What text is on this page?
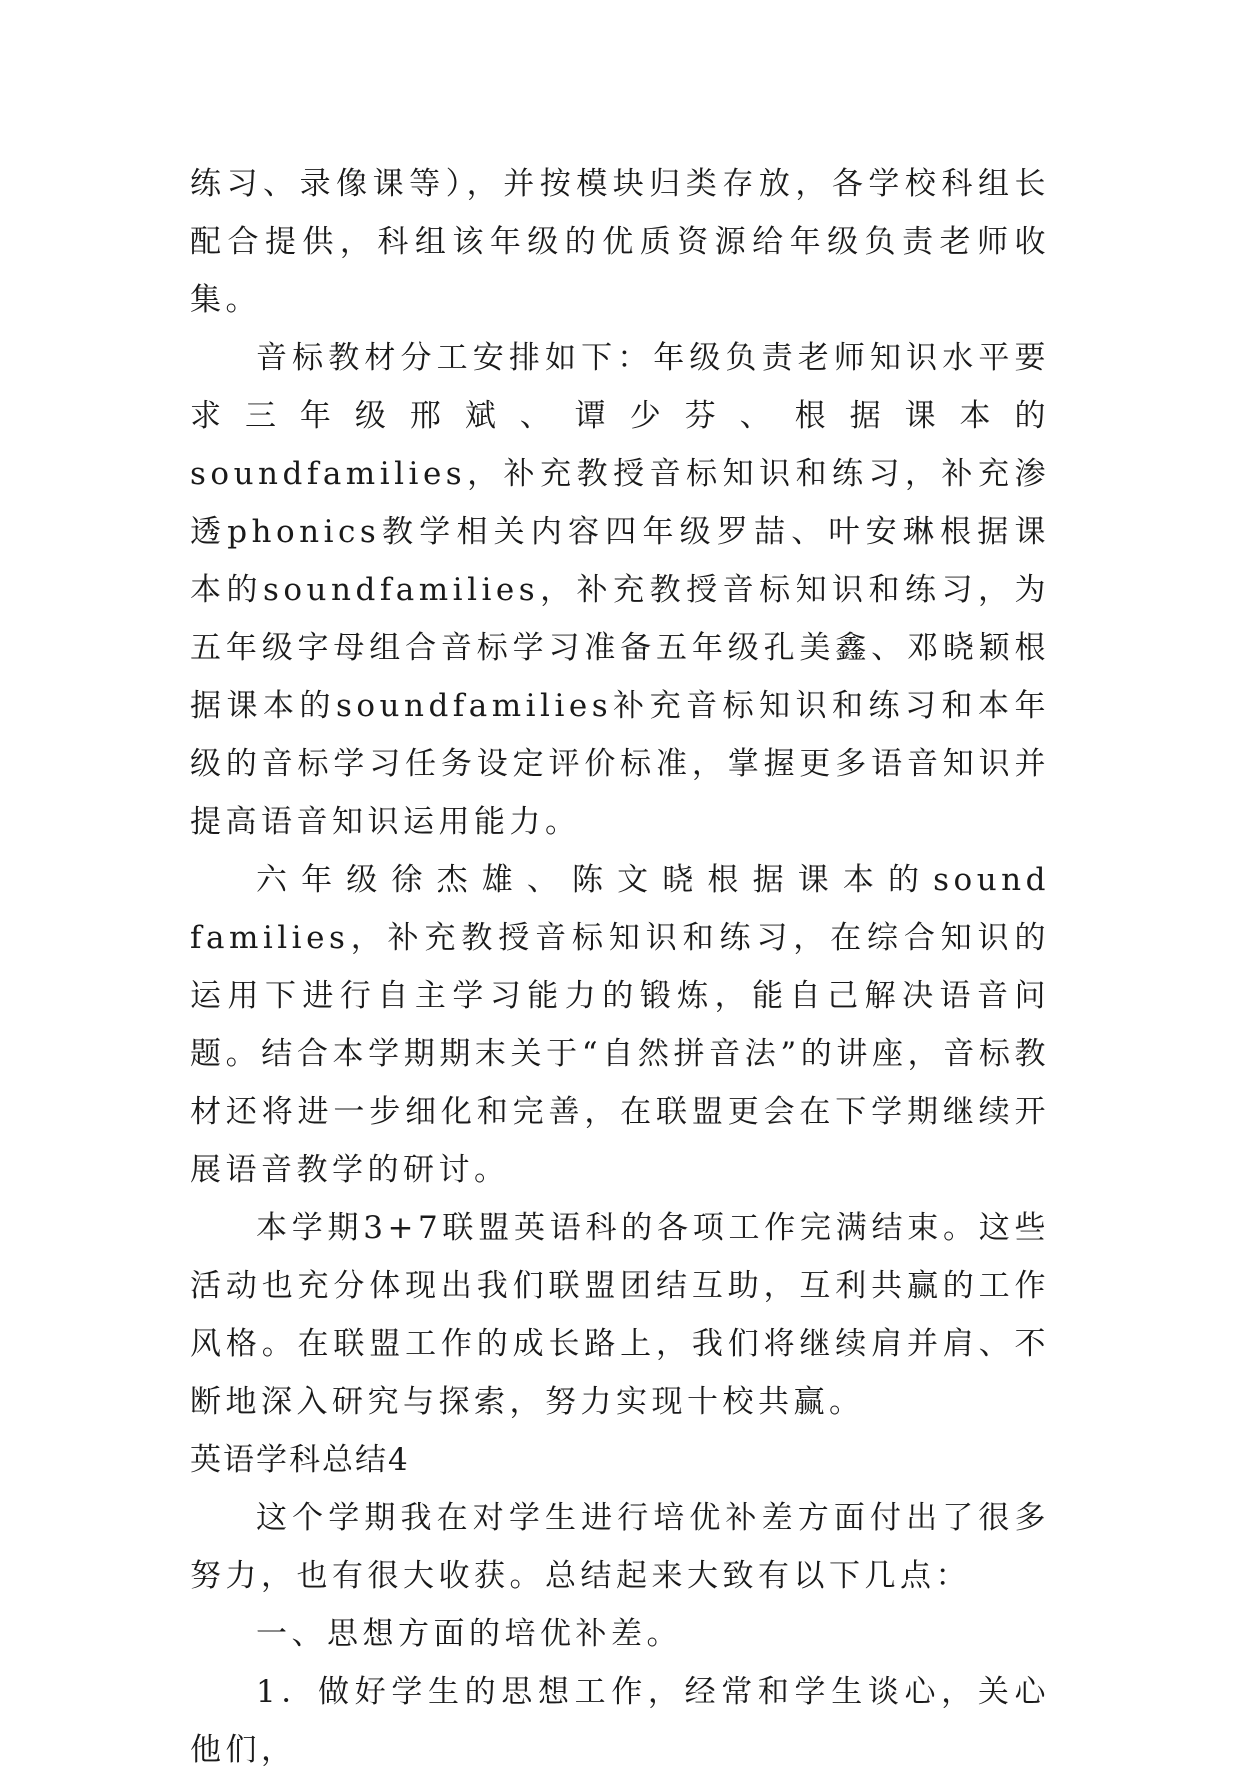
练习、录像课等），并按模块归类存放，各学校科组长配合提供，科组该年级的优质资源给年级负责老师收集。

音标教材分工安排如下：年级负责老师知识水平要求三年级邢斌、谭少芬、根据课本的soundfamilies，补充教授音标知识和练习，补充渗透phonics教学相关内容四年级罗喆、叶安琳根据课本的soundfamilies，补充教授音标知识和练习，为五年级字母组合音标学习准备五年级孔美鑫、邓晓颖根据课本的soundfamilies补充音标知识和练习和本年级的音标学习任务设定评价标准，掌握更多语音知识并提高语音知识运用能力。

六年级徐杰雄、陈文晓根据课本的sound families，补充教授音标知识和练习，在综合知识的运用下进行自主学习能力的锻炼，能自己解决语音问题。结合本学期期末关于“自然拼音法”的讲座，音标教材还将进一步细化和完善，在联盟更会在下学期继续开展语音教学的研讨。

本学期3+7联盟英语科的各项工作完满结束。这些活动也充分体现出我们联盟团结互助，互利共赢的工作风格。在联盟工作的成长路上，我们将继续肩并肩、不断地深入研究与探索，努力实现十校共赢。

英语学科总结4

这个学期我在对学生进行培优补差方面付出了很多努力，也有很大收获。总结起来大致有以下几点：

一、思想方面的培优补差。

1．做好学生的思想工作，经常和学生谈心，关心他们，
